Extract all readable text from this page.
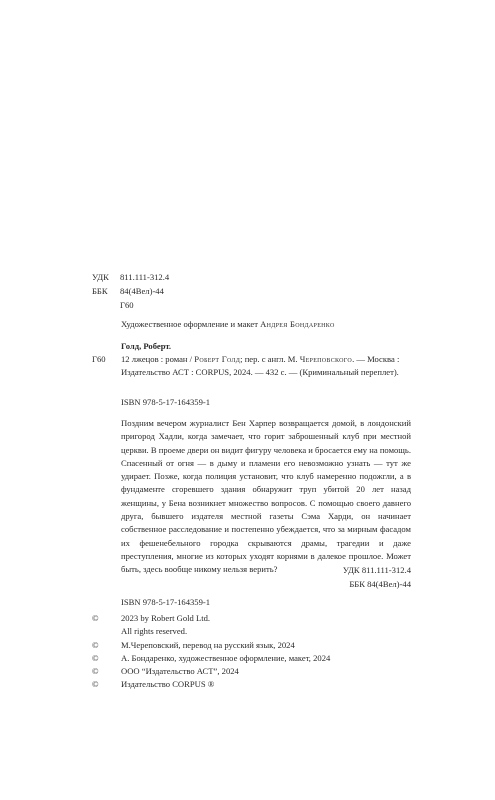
УДК	811.111-312.4
ББК	84(4Вел)-44
Г60
Художественное оформление и макет Андрея Бондаренко
Голд, Роберт.
Г60 12 лжецов : роман / Роберт Голд; пер. с англ. М. Череповского. — Москва : Издательство АСТ : CORPUS, 2024. — 432 с. — (Криминальный переплет).
ISBN 978-5-17-164359-1

Поздним вечером журналист Бен Харпер возвращается домой, в лондонский пригород Хадли, когда замечает, что горит заброшенный клуб при местной церкви. В проеме двери он видит фигуру человека и бросается ему на помощь. Спасенный от огня — в дыму и пламени его невозможно узнать — тут же удирает. Позже, когда полиция установит, что клуб намеренно подожгли, а в фундаменте сгоревшего здания обнаружит труп убитой 20 лет назад женщины, у Бена возникнет множество вопросов. С помощью своего давнего друга, бывшего издателя местной газеты Сэма Харди, он начинает собственное расследование и постепенно убеждается, что за мирным фасадом их фешенебельного городка скрываются драмы, трагедии и даже преступления, многие из которых уходят корнями в далекое прошлое. Может быть, здесь вообще никому нельзя верить?	УДК 811.111-312.4
ББК 84(4Вел)-44
ISBN 978-5-17-164359-1
©	2023 by Robert Gold Ltd.
All rights reserved.
©	М.Череповский, перевод на русский язык, 2024
©	А. Бондаренко, художественное оформление, макет, 2024
©	ООО “Издательство АСТ”, 2024
©	Издательство CORPUS ®
